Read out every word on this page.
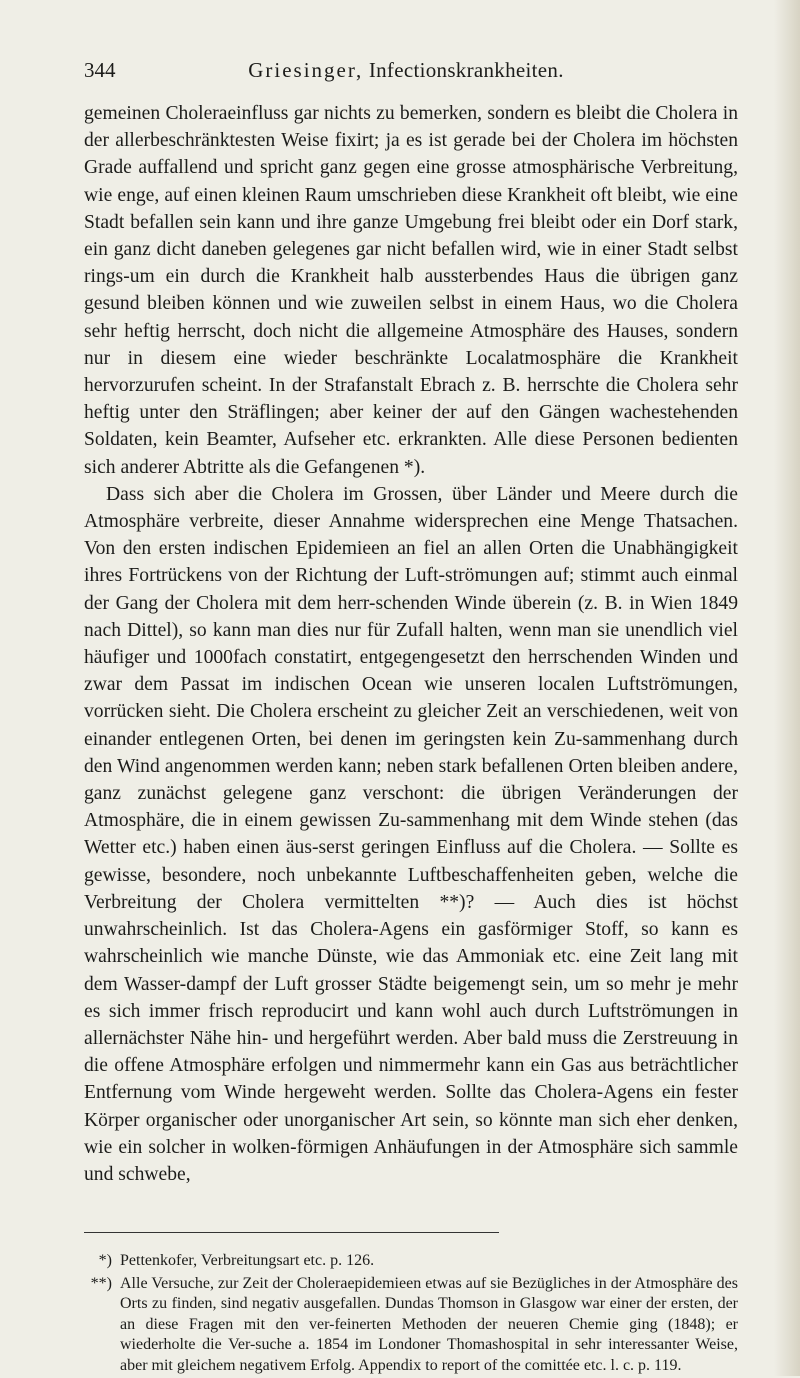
344	Griesinger, Infectionskrankheiten.

gemeinen Choleraeinfluss gar nichts zu bemerken, sondern es bleibt die Cholera in der allerbeschränktesten Weise fixirt; ja es ist gerade bei der Cholera im höchsten Grade auffallend und spricht ganz gegen eine grosse atmosphärische Verbreitung, wie enge, auf einen kleinen Raum umschrieben diese Krankheit oft bleibt, wie eine Stadt befallen sein kann und ihre ganze Umgebung frei bleibt oder ein Dorf stark, ein ganz dicht daneben gelegenes gar nicht befallen wird, wie in einer Stadt selbst rings-um ein durch die Krankheit halb aussterbendes Haus die übrigen ganz gesund bleiben können und wie zuweilen selbst in einem Haus, wo die Cholera sehr heftig herrscht, doch nicht die allgemeine Atmosphäre des Hauses, sondern nur in diesem eine wieder beschränkte Localatmosphäre die Krankheit hervorzurufen scheint. In der Strafanstalt Ebrach z. B. herrschte die Cholera sehr heftig unter den Sträflingen; aber keiner der auf den Gängen wachestehenden Soldaten, kein Beamter, Aufseher etc. erkrankten. Alle diese Personen bedienten sich anderer Abtritte als die Gefangenen *).

Dass sich aber die Cholera im Grossen, über Länder und Meere durch die Atmosphäre verbreite, dieser Annahme widersprechen eine Menge Thatsachen. Von den ersten indischen Epidemieen an fiel an allen Orten die Unabhängigkeit ihres Fortrückens von der Richtung der Luft-strömungen auf; stimmt auch einmal der Gang der Cholera mit dem herr-schenden Winde überein (z. B. in Wien 1849 nach Dittel), so kann man dies nur für Zufall halten, wenn man sie unendlich viel häufiger und 1000fach constatirt, entgegengesetzt den herrschenden Winden und zwar dem Passat im indischen Ocean wie unseren localen Luftströmungen, vorrücken sieht. Die Cholera erscheint zu gleicher Zeit an verschiedenen, weit von einander entlegenen Orten, bei denen im geringsten kein Zu-sammenhang durch den Wind angenommen werden kann; neben stark befallenen Orten bleiben andere, ganz zunächst gelegene ganz verschont: die übrigen Veränderungen der Atmosphäre, die in einem gewissen Zu-sammenhang mit dem Winde stehen (das Wetter etc.) haben einen äus-serst geringen Einfluss auf die Cholera. — Sollte es gewisse, besondere, noch unbekannte Luftbeschaffenheiten geben, welche die Verbreitung der Cholera vermittelten **)? — Auch dies ist höchst unwahrscheinlich. Ist das Cholera-Agens ein gasförmiger Stoff, so kann es wahrscheinlich wie manche Dünste, wie das Ammoniak etc. eine Zeit lang mit dem Wasser-dampf der Luft grosser Städte beigemengt sein, um so mehr je mehr es sich immer frisch reproducirt und kann wohl auch durch Luftströmungen in allernächster Nähe hin- und hergeführt werden. Aber bald muss die Zerstreuung in die offene Atmosphäre erfolgen und nimmermehr kann ein Gas aus beträchtlicher Entfernung vom Winde hergeweht werden. Sollte das Cholera-Agens ein fester Körper organischer oder unorganischer Art sein, so könnte man sich eher denken, wie ein solcher in wolken-förmigen Anhäufungen in der Atmosphäre sich sammle und schwebe,

*) Pettenkofer, Verbreitungsart etc. p. 126.
**) Alle Versuche, zur Zeit der Choleraepidemieen etwas auf sie Bezügliches in der Atmosphäre des Orts zu finden, sind negativ ausgefallen. Dundas Thomson in Glasgow war einer der ersten, der an diese Fragen mit den ver-feinerten Methoden der neueren Chemie ging (1848); er wiederholte die Ver-suche a. 1854 im Londoner Thomashospital in sehr interessanter Weise, aber mit gleichem negativem Erfolg. Appendix to report of the comittée etc. l. c. p. 119.
